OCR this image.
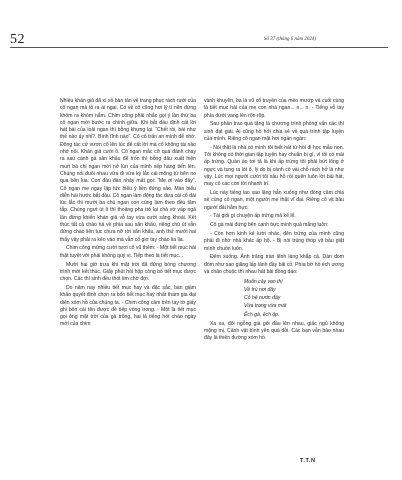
52	Số 37 (tháng 6 năm 2024)

Nhiều khán giả đã xì xồ bàn tán về trang phục rách rưới của cô ngan mà tỏ ra ái ngại. Có về cô cũng hơi lý tí nên đứng khóm ra khóm nắm. Chim công phải nhắc gọi ý lần thứ ba cô ngan mới bước ra chính giữa. Khi bắt đầu định cất lời hát bài của loài ngan thì bỗng khựng lại. “Chết rồi, bài như thế nào ấy nhỉ?. Bình tĩnh nào”. Cô cố trấn an mình để nhớ. Đông tác cứ vươn cổ lên lúc để cất lời mà cổ không tài nào nhớ nổi. Khán giả cười ồ. Cô ngan mắc cỡ quá đành chạy ra sau cánh gà sân khấu để trốn thì bỗng dâu xuất hiện murt bà chị ngan mới nở lùn của mình xếp hàng tiến lên. Chúng nối đuôi nhau vừa đi vừa kỳ lắc cái mông từ bên no qua bên kia. Con đầu đàn nhảy mất gọi: “Mẹ ơi vào đây”. Cô ngan mẹ ngay lập tức hiểu ý liền đứng vào. Màn biểu diễn hài hước bắt đầu. Cô ngan làm động tác đưa cái cổ dài lúc lắc thì mười ba chú ngan con cùng làm theo đều tăm tắp. Chúng ngưt út ít thì thoảng pha trò lại chả vờ vấp ngã lăn đừng khiến khán giả vỗ tay vừa cười sảng khoái. Kết thúc tất cả chào hả về phía sau sân khấu, riêng chú út vẫn đứng chào liên tục chưa nỡ rời sân khấu, anh thứ mười hai thấy vậy phải ra kéo vào mà vẫn cố giơ tay chào lia lịa.

Chim công mừng cười tươi cổ vũ thêm: - Một tiết mục hài thật tuyệt với phải không quý vị. Tiếp theo là tiết mục...

Mười hai giờ trưa khi mặt trời đã đứng bóng chương trình mới kết thúc. Giây phút hồi hộp công bố tiết mục được chọn. Các thí sinh đều thót tim chờ đợi.

Do năm nay nhiều tiết mục hay và đặc sắc, ban giám khảo quyết định chọn ra bốn tiết mục hay nhất tham gia đại diện xóm hồ của chúng ta. - Chim công cầm trên tay tờ giấy ghi bốn cái tên được đề tiếp vòng trong. - Một là tiết mục gọi ông mặt trời của gà trống, hai là tiếng hót chào ngày mới của chim

vành khuyên, ba là vũ cổ truyền của mèo mướp và cuối cùng là tiết mục hài của mẹ con nhà ngan... n... n. - Tiếng vỗ tay phía dưới vang lên rộn rộp.

Sau phần trao quà tặng là chương trình phỏng vấn các thí sinh đạt giải. Ai cũng hồ hởi chia sẻ về quá trình tập luyện của mình. Riêng cô ngan mặt hơi ngần ngần:

- Nói thật là nhà có mình tôi biết hát từ hồi đi học mẫu non. Tôi không có thời gian tập luyện hay chuẩn bị gì, vì tối có mải ấp trứng. Quần áo tơi tả là khi ấp trứng tôi phải bứt lông ở ngực và tung ra lót ổ, lý do bị cành cò vài chỗ rách hở là như vậy. Lúc mọi người cười tôi xấu hổ rồi quên luôn lời bài hát, may có các con tới nhanh trí.

Lúc này tiếng lao xao lặng hẳn xuống như đồng cảm chia sẻ cùng cô ngan, một người mẹ thật vĩ đại. Riêng cô vịt bầu người đái hẳm hực:

- Tài giỏi gì chuyện ấp trứng mà kể lể.

Cô gà mái đứng bên cạnh bực mình quá mắng luôn:

- Còn hơn kính kẻ lười nhác, đẻn trứng của mình cũng phải đi nhờ nhà khác ấp hộ. - Bị nói trúng thóp vịt bầu giật mình chuồn luôn.

Đêm xuống. Ánh trăng tràn lênh láng khắp cả. Dàn đom đóm như sao giăng lấp lánh đầy bãi cỏ. Phía bờ hồ ếch ương và chão chuộc thì nhau hát bài đồng dao:

Muỗn cây vạn thị
Về trú nơi đây
Cỏ hệ nước đầy
Vừa trong vừa mát
Ếch gà, ếch ộp.

Xa xa, đôi ngỗng già gối đầu lên nhau, giấc ngủ không mộng mị. Cảnh vật bình yên quá đỗi. Các bạn vẫn bảo nhau đây là thiên đường xóm hồ.

T.T.N
